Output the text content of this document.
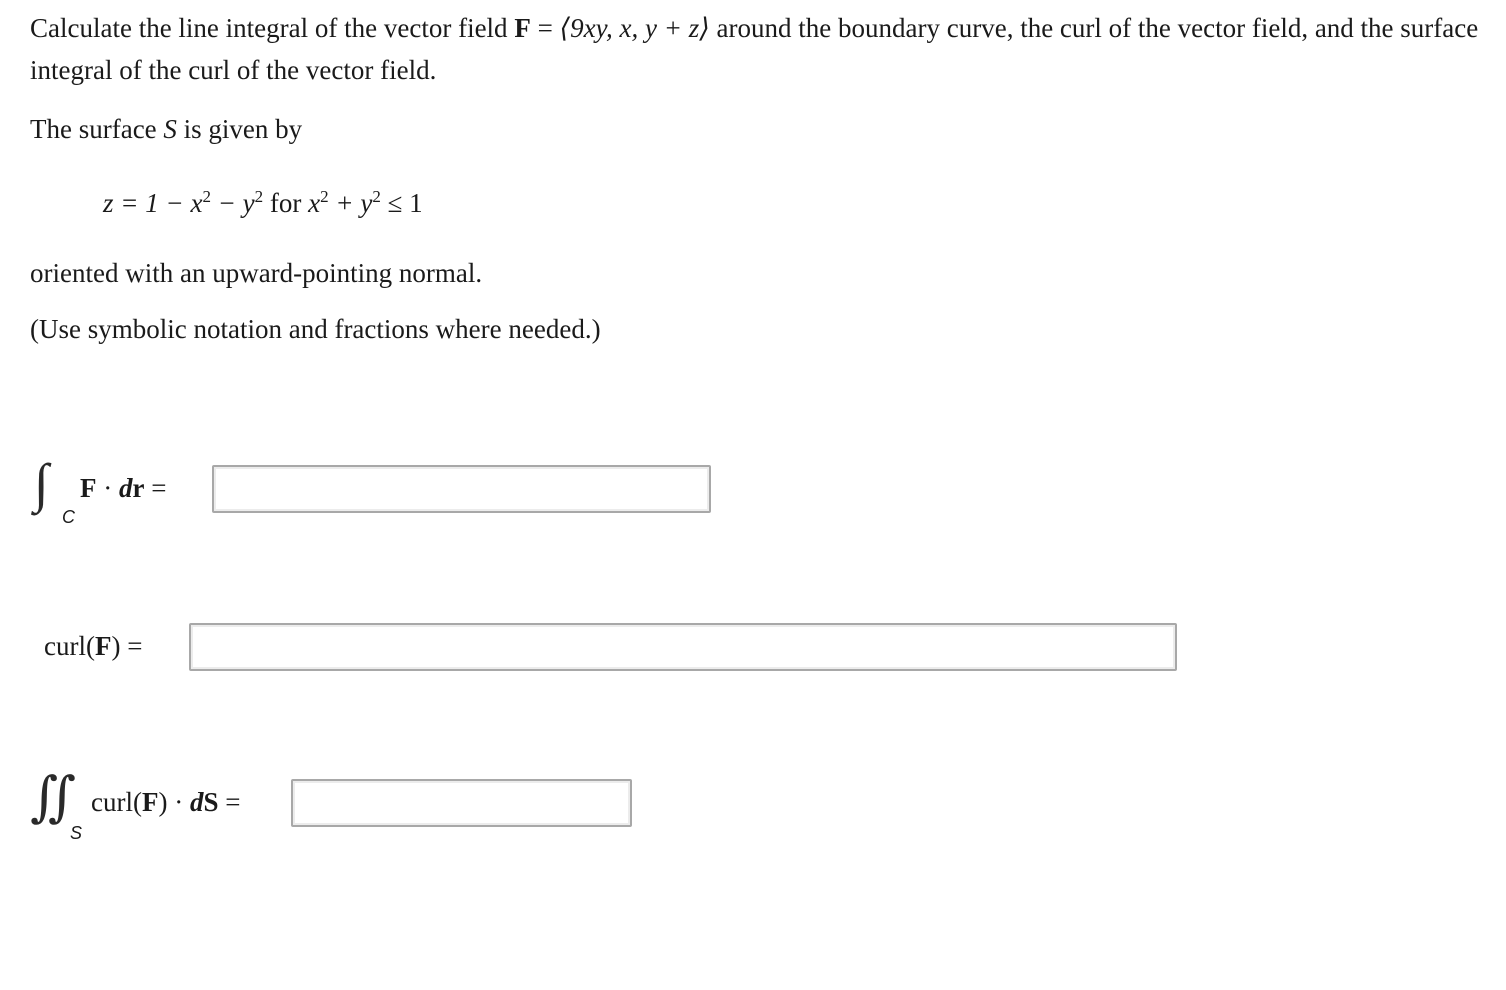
Calculate the line integral of the vector field F = ⟨9xy, x, y + z⟩ around the boundary curve, the curl of the vector field, and the surface integral of the curl of the vector field.

The surface S is given by

$z = 1 - x^2 - y^2$ for $x^2 + y^2 \le 1$

oriented with an upward-pointing normal.

(Use symbolic notation and fractions where needed.)

∫
C
F · dr =
curl(F) =
∬
S
curl(F) · dS =
